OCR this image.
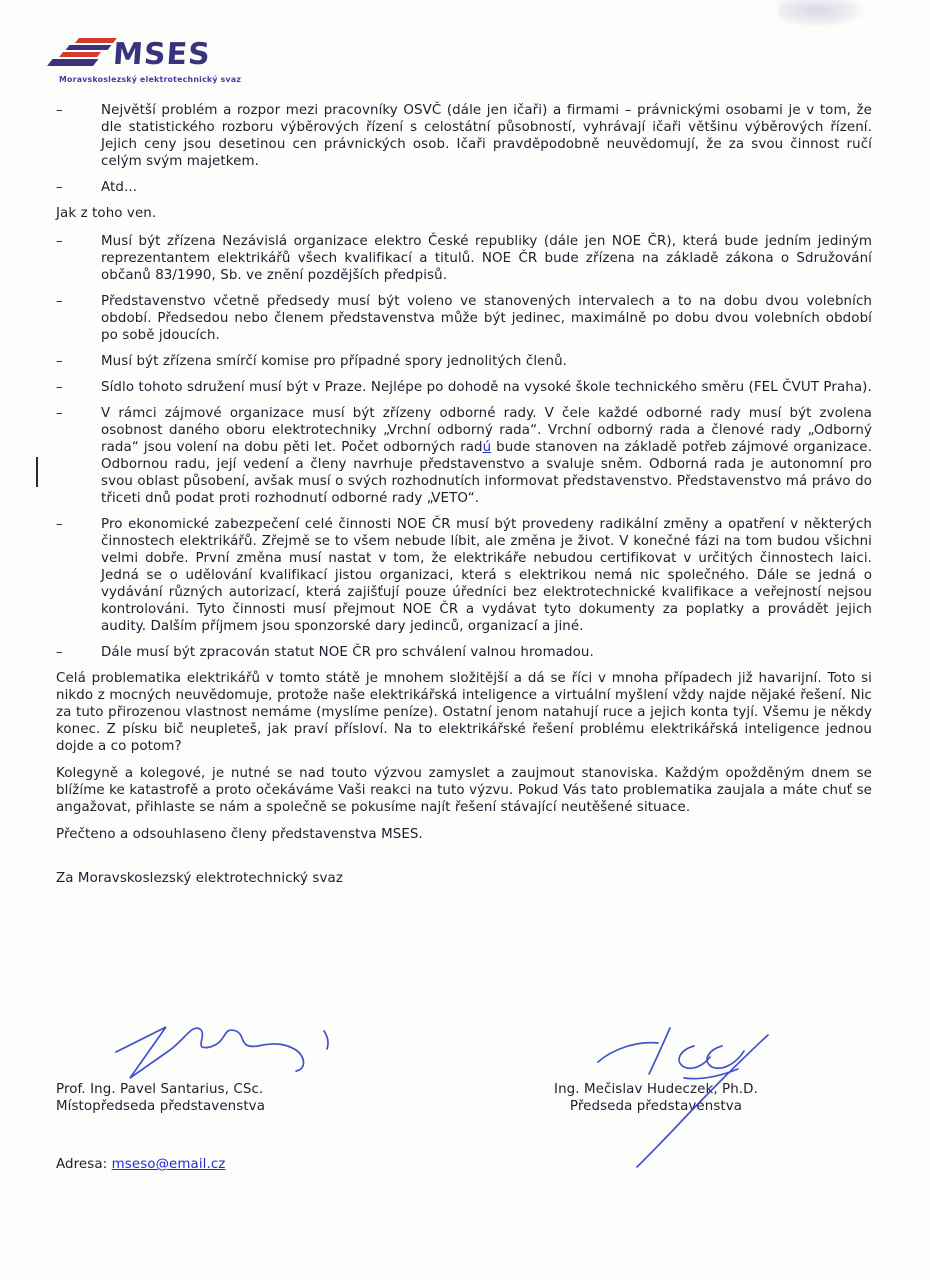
MSES
Moravskoslezský elektrotechnický svaz
–	Největší problém a rozpor mezi pracovníky OSVČ (dále jen ičaři) a firmami – právnickými osobami je v tom, že dle statistického rozboru výběrových řízení s celostátní působností, vyhrávají ičaři většinu výběrových řízení. Jejich ceny jsou desetinou cen právnických osob. Ičaři pravděpodobně neuvědomují, že za svou činnost ručí celým svým majetkem.
–	Atd...

Jak z toho ven.

–	Musí být zřízena Nezávislá organizace elektro České republiky (dále jen NOE ČR), která bude jedním jediným reprezentantem elektrikářů všech kvalifikací a titulů. NOE ČR bude zřízena na základě zákona o Sdružování občanů 83/1990, Sb. ve znění pozdějších předpisů.
–	Představenstvo včetně předsedy musí být voleno ve stanovených intervalech a to na dobu dvou volebních období. Předsedou nebo členem představenstva může být jedinec, maximálně po dobu dvou volebních období po sobě jdoucích.
–	Musí být zřízena smírčí komise pro případné spory jednolitých členů.
–	Sídlo tohoto sdružení musí být v Praze. Nejlépe po dohodě na vysoké škole technického směru (FEL ČVUT Praha).
–	V rámci zájmové organizace musí být zřízeny odborné rady. V čele každé odborné rady musí být zvolena osobnost daného oboru elektrotechniky „Vrchní odborný rada“. Vrchní odborný rada a členové rady „Odborný rada“ jsou volení na dobu pěti let. Počet odborných radú bude stanoven na základě potřeb zájmové organizace. Odbornou radu, její vedení a členy navrhuje představenstvo a svaluje sněm. Odborná rada je autonomní pro svou oblast působení, avšak musí o svých rozhodnutích informovat představenstvo. Představenstvo má právo do třiceti dnů podat proti rozhodnutí odborné rady „VETO“.
–	Pro ekonomické zabezpečení celé činnosti NOE ČR musí být provedeny radikální změny a opatření v některých činnostech elektrikářů. Zřejmě se to všem nebude líbit, ale změna je život. V konečné fázi na tom budou všichni velmi dobře. První změna musí nastat v tom, že elektrikáře nebudou certifikovat v určitých činnostech laici. Jedná se o udělování kvalifikací jistou organizaci, která s elektrikou nemá nic společného. Dále se jedná o vydávání různých autorizací, která zajišťují pouze úředníci bez elektrotechnické kvalifikace a veřejností nejsou kontrolováni. Tyto činnosti musí přejmout NOE ČR a vydávat tyto dokumenty za poplatky a provádět jejich audity. Dalším příjmem jsou sponzorské dary jedinců, organizací a jiné.
–	Dále musí být zpracován statut NOE ČR pro schválení valnou hromadou.

Celá problematika elektrikářů v tomto státě je mnohem složitější a dá se říci v mnoha případech již havarijní. Toto si nikdo z mocných neuvědomuje, protože naše elektrikářská inteligence a virtuální myšlení vždy najde nějaké řešení. Nic za tuto přirozenou vlastnost nemáme (myslíme peníze). Ostatní jenom natahují ruce a jejich konta tyjí. Všemu je někdy konec. Z písku bič neupleteš, jak praví přísloví. Na to elektrikářské řešení problému elektrikářská inteligence jednou dojde a co potom?

Kolegyně a kolegové, je nutné se nad touto výzvou zamyslet a zaujmout stanoviska. Každým opožděným dnem se blížíme ke katastrofě a proto očekáváme Vaši reakci na tuto výzvu. Pokud Vás tato problematika zaujala a máte chuť se angažovat, přihlaste se nám a společně se pokusíme najít řešení stávající neutěšené situace.

Přečteno a odsouhlaseno členy představenstva MSES.

Za Moravskoslezský elektrotechnický svaz

Prof. Ing. Pavel Santarius, CSc.
Místopředseda představenstva
Ing. Mečislav Hudeczek, Ph.D.
Předseda představenstva

Adresa: mseso@email.cz
